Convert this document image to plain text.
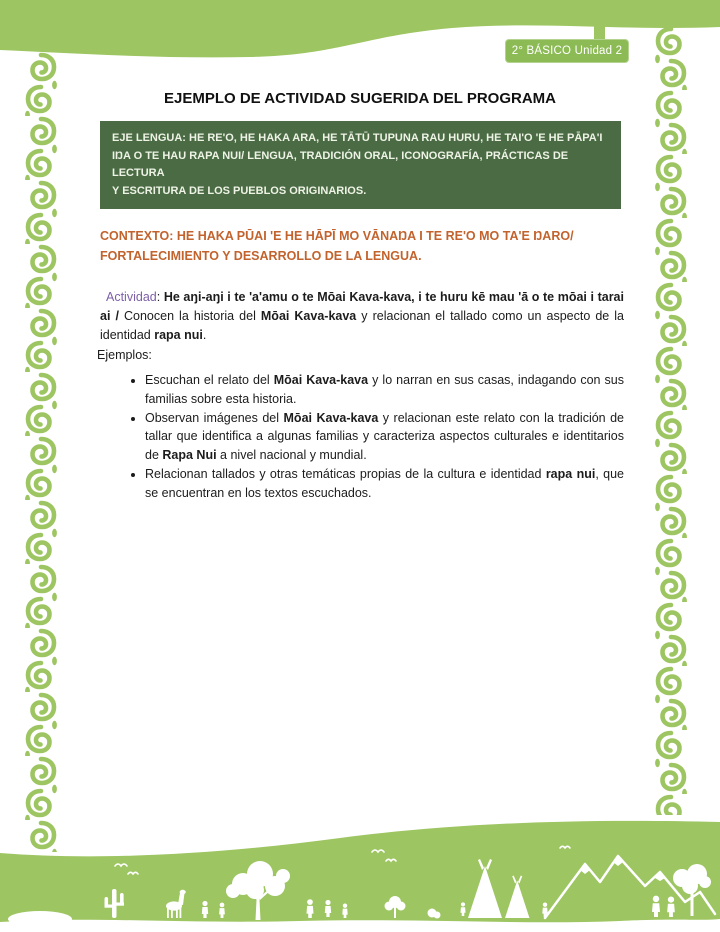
2° BÁSICO Unidad 2
EJEMPLO DE ACTIVIDAD SUGERIDA DEL PROGRAMA
EJE LENGUA: HE RE'O, HE HAKA ARA, HE TĀTŪ TUPUNA RAU HURU, HE TAI'O 'E HE PĀPA'I
IŊA O TE HAU RAPA NUI/ LENGUA, TRADICIÓN ORAL, ICONOGRAFÍA, PRÁCTICAS DE LECTURA
Y ESCRITURA DE LOS PUEBLOS ORIGINARIOS.
CONTEXTO: HE HAKA PŪAI 'E HE HĀPĪ MO VĀNAŊA I TE RE'O MO TA'E ŊARO/
FORTALECIMIENTO Y DESARROLLO DE LA LENGUA.

Actividad: He aŋi-aŋi i te 'a'amu o te Mōai Kava-kava, i te huru kē mau 'ā o te mōai i tarai ai / Conocen la historia del Mōai Kava-kava y relacionan el tallado como un aspecto de la identidad rapa nui.

Ejemplos:

• Escuchan el relato del Mōai Kava-kava y lo narran en sus casas, indagando con sus familias sobre esta historia.
• Observan imágenes del Mōai Kava-kava y relacionan este relato con la tradición de tallar que identifica a algunas familias y caracteriza aspectos culturales e identitarios de Rapa Nui a nivel nacional y mundial.
• Relacionan tallados y otras temáticas propias de la cultura e identidad rapa nui, que se encuentran en los textos escuchados.
